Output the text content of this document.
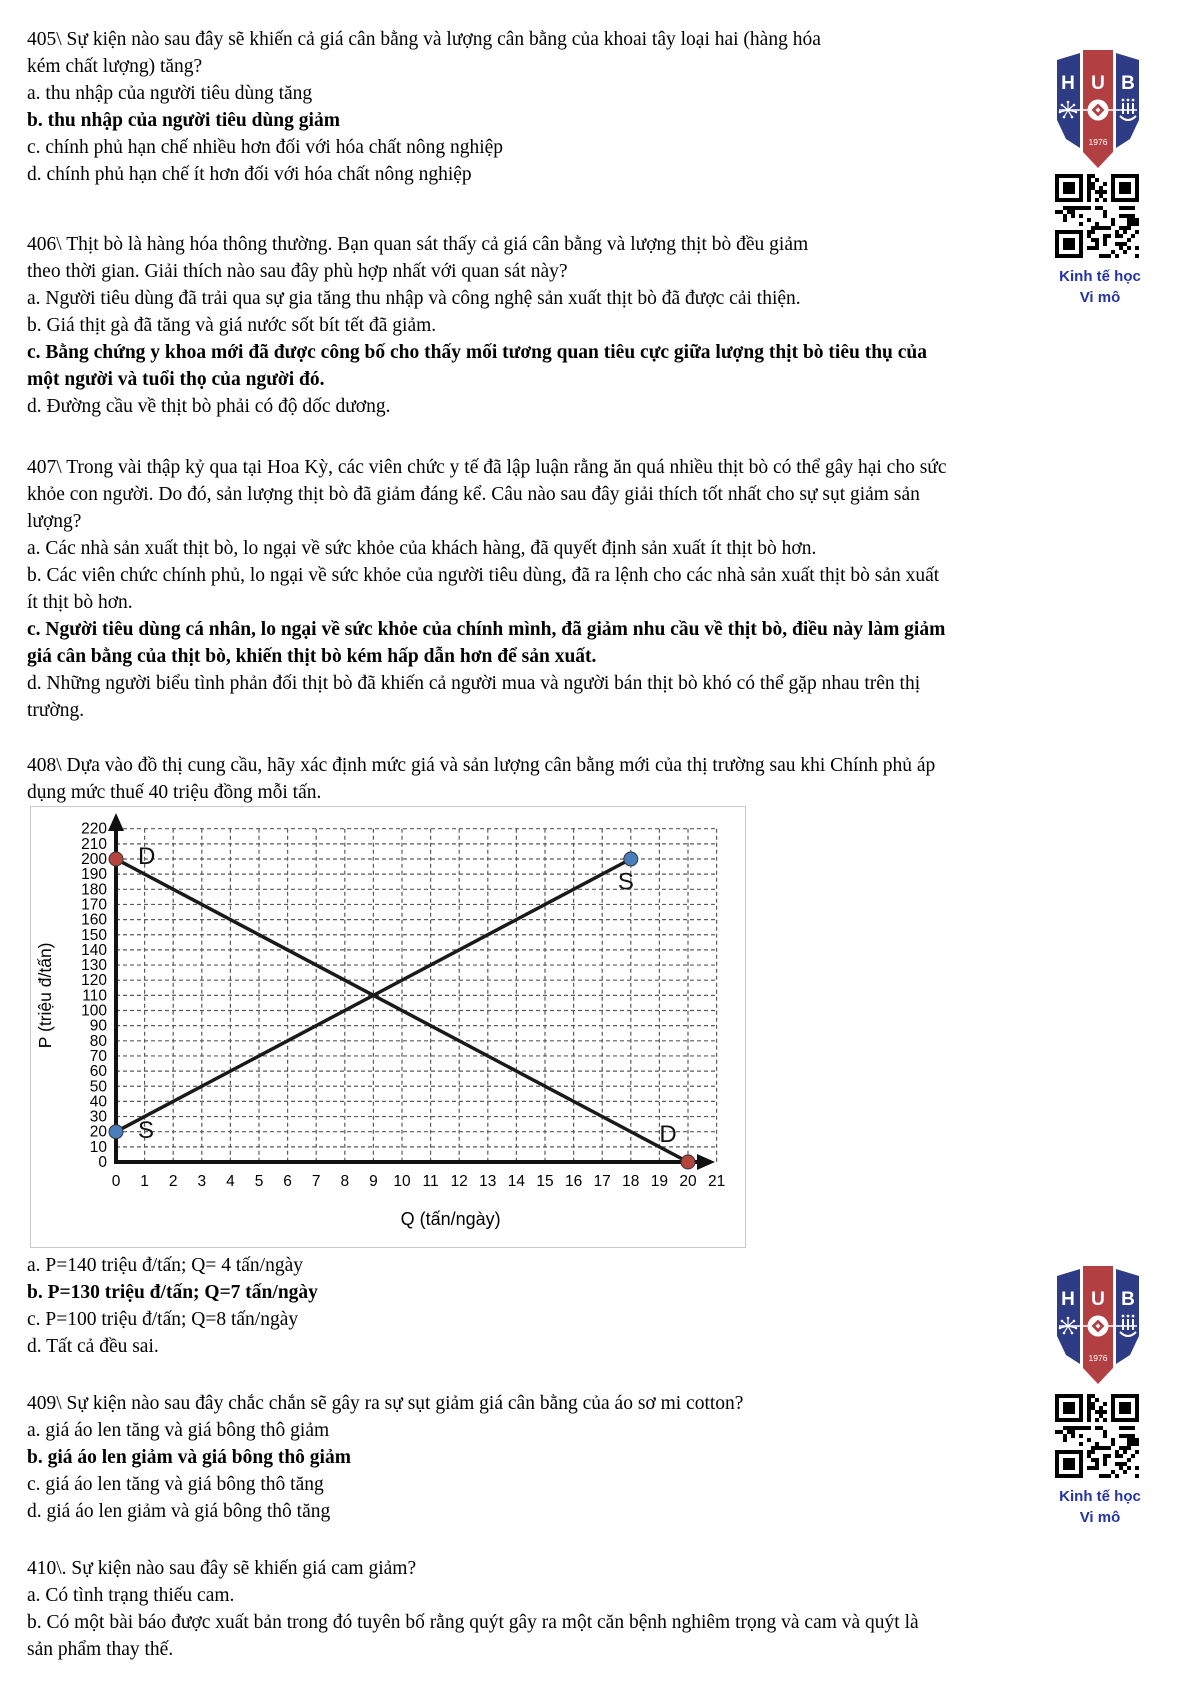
405\ Sự kiện nào sau đây sẽ khiến cả giá cân bằng và lượng cân bằng của khoai tây loại hai (hàng hóa
kém chất lượng) tăng?
a. thu nhập của người tiêu dùng tăng
b. thu nhập của người tiêu dùng giảm
c. chính phủ hạn chế nhiều hơn đối với hóa chất nông nghiệp
d. chính phủ hạn chế ít hơn đối với hóa chất nông nghiệp
406\ Thịt bò là hàng hóa thông thường. Bạn quan sát thấy cả giá cân bằng và lượng thịt bò đều giảm
theo thời gian. Giải thích nào sau đây phù hợp nhất với quan sát này?
a. Người tiêu dùng đã trải qua sự gia tăng thu nhập và công nghệ sản xuất thịt bò đã được cải thiện.
b. Giá thịt gà đã tăng và giá nước sốt bít tết đã giảm.
c. Bằng chứng y khoa mới đã được công bố cho thấy mối tương quan tiêu cực giữa lượng thịt bò tiêu thụ của
một người và tuổi thọ của người đó.
d. Đường cầu về thịt bò phải có độ dốc dương.
407\ Trong vài thập kỷ qua tại Hoa Kỳ, các viên chức y tế đã lập luận rằng ăn quá nhiều thịt bò có thể gây hại cho sức
khỏe con người. Do đó, sản lượng thịt bò đã giảm đáng kể. Câu nào sau đây giải thích tốt nhất cho sự sụt giảm sản
lượng?
a. Các nhà sản xuất thịt bò, lo ngại về sức khỏe của khách hàng, đã quyết định sản xuất ít thịt bò hơn.
b. Các viên chức chính phủ, lo ngại về sức khỏe của người tiêu dùng, đã ra lệnh cho các nhà sản xuất thịt bò sản xuất
ít thịt bò hơn.
c. Người tiêu dùng cá nhân, lo ngại về sức khỏe của chính mình, đã giảm nhu cầu về thịt bò, điều này làm giảm
giá cân bằng của thịt bò, khiến thịt bò kém hấp dẫn hơn để sản xuất.
d. Những người biểu tình phản đối thịt bò đã khiến cả người mua và người bán thịt bò khó có thể gặp nhau trên thị
trường.
408\ Dựa vào đồ thị cung cầu, hãy xác định mức giá và sản lượng cân bằng mới của thị trường sau khi Chính phủ áp
dụng mức thuế 40 triệu đồng mỗi tấn.
0
10
20
30
40
50
60
70
80
90
100
110
120
130
140
150
160
170
180
190
200
210
220
0 1 2 3 4 5 6 7 8 9 10 11 12 13 14 15 16 17 18 19 20 21
P (triệu đ/tấn)
Q (tấn/ngày)
D
D
S
S
a. P=140 triệu đ/tấn; Q= 4 tấn/ngày
b. P=130 triệu đ/tấn; Q=7 tấn/ngày
c. P=100 triệu đ/tấn; Q=8 tấn/ngày
d. Tất cả đều sai.
409\ Sự kiện nào sau đây chắc chắn sẽ gây ra sự sụt giảm giá cân bằng của áo sơ mi cotton?
a. giá áo len tăng và giá bông thô giảm
b. giá áo len giảm và giá bông thô giảm
c. giá áo len tăng và giá bông thô tăng
d. giá áo len giảm và giá bông thô tăng
410\. Sự kiện nào sau đây sẽ khiến giá cam giảm?
a. Có tình trạng thiếu cam.
b. Có một bài báo được xuất bản trong đó tuyên bố rằng quýt gây ra một căn bệnh nghiêm trọng và cam và quýt là
sản phẩm thay thế.
H U B
1976
Kinh tế học
Vi mô
H U B
1976
Kinh tế học
Vi mô
